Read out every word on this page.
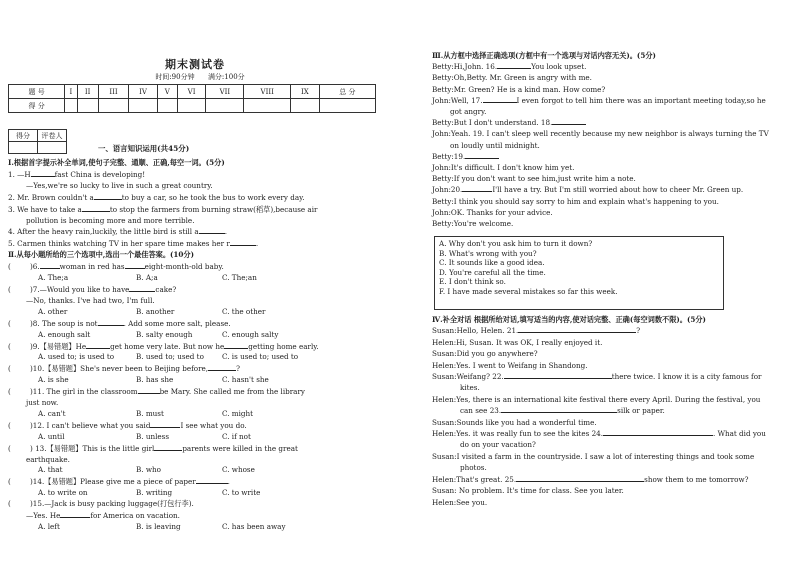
期末测试卷
时间:90分钟 满分:100分
题 号	I	II	III	IV	V	VI	VII	VIII	IX	总 分
得 分										
得分	评卷人

一、语言知识运用(共45分)

Ⅰ.根据首字提示补全单词,使句子完整、通顺、正确,每空一词。(5分)

1. —H	fast China is developing!

—Yes,we're so lucky to live in such a great country.

2. Mr. Brown couldn't a	to buy a car, so he took the bus to work every day.

3. We have to take a	to stop the farmers from burning straw(稻草),because air

pollution is becoming more and more terrible.

4. After the heavy rain,luckily, the little bird is still a	.

5. Carmen thinks watching TV in her spare time makes her r	.

Ⅱ.从每小题所给的三个选项中,选出一个最佳答案。(10分)

(	)6.	woman in red has	eight-month-old baby.

A. The;a	B. A;a	C. The;an

(	)7.—Would you like to have	cake?

—No, thanks. I've had two, I'm full.

A. other	B. another	C. the other

(	)8. The soup is not	. Add some more salt, please.

A. enough salt	B. salty enough	C. enough salty

(	)9.【易错题】He	get home very late. But now he	getting home early.

A. used to; is used to	B. used to; used to	C. is used to; used to

(	)10.【易错题】She's never been to Beijing before,	?

A. is she	B. has she	C. hasn't she

(	)11. The girl in the classroom	be Mary. She called me from the library

just now.

A. can't	B. must	C. might

(	)12. I can't believe what you said	I see what you do.

A. until	B. unless	C. if not

(	) 13.【易错题】This is the little girl	parents were killed in the great

earthquake.

A. that	B. who	C. whose

(	)14.【易错题】Please give me a piece of paper	.

A. to write on	B. writing	C. to write

(	)15.—Jack is busy packing luggage(打包行李).

—Yes. He	for America on vacation.

A. left	B. is leaving	C. has been away

Ⅲ.从方框中选择正确选项(方框中有一个选项与对话内容无关)。(5分)

Betty:Hi,John. 16.	You look upset.

Betty:Oh,Betty. Mr. Green is angry with me.

Betty:Mr. Green? He is a kind man. How come?

John:Well, 17.	I even forgot to tell him there was an important meeting today,so he

got angry.

Betty:But I don't understand. 18.

John:Yeah. 19. I can't sleep well recently because my new neighbor is always turning the TV

on loudly until midnight.

Betty:19.

John:It's difficult. I don't know him yet.

Betty:If you don't want to see him,just write him a note.

John:20.	I'll have a try. But I'm still worried about how to cheer Mr. Green up.

Betty:I think you should say sorry to him and explain what's happening to you.

John:OK. Thanks for your advice.

Betty:You're welcome.

A. Why don't you ask him to turn it down?

B. What's wrong with you?

C. It sounds like a good idea.

D. You're careful all the time.

E. I don't think so.

F. I have made several mistakes so far this week.

Ⅳ.补全对话 根据所给对话,填写适当的内容,使对话完整、正确(每空词数不限)。(5分)

Susan:Hello, Helen. 21.	?

Helen:Hi, Susan. It was OK, I really enjoyed it.

Susan:Did you go anywhere?

Helen:Yes. I went to Weifang in Shandong.

Susan:Weifang? 22.	there twice. I know it is a city famous for

kites.

Helen:Yes, there is an international kite festival there every April. During the festival, you

can see 23.	silk or paper.

Susan:Sounds like you had a wonderful time.

Helen:Yes. it was really fun to see the kites 24.	. What did you

do on your vacation?

Susan:I visited a farm in the countryside. I saw a lot of interesting things and took some

photos.

Helen:That's great. 25.	show them to me tomorrow?

Susan: No problem. It's time for class. See you later.

Helen:See you.
